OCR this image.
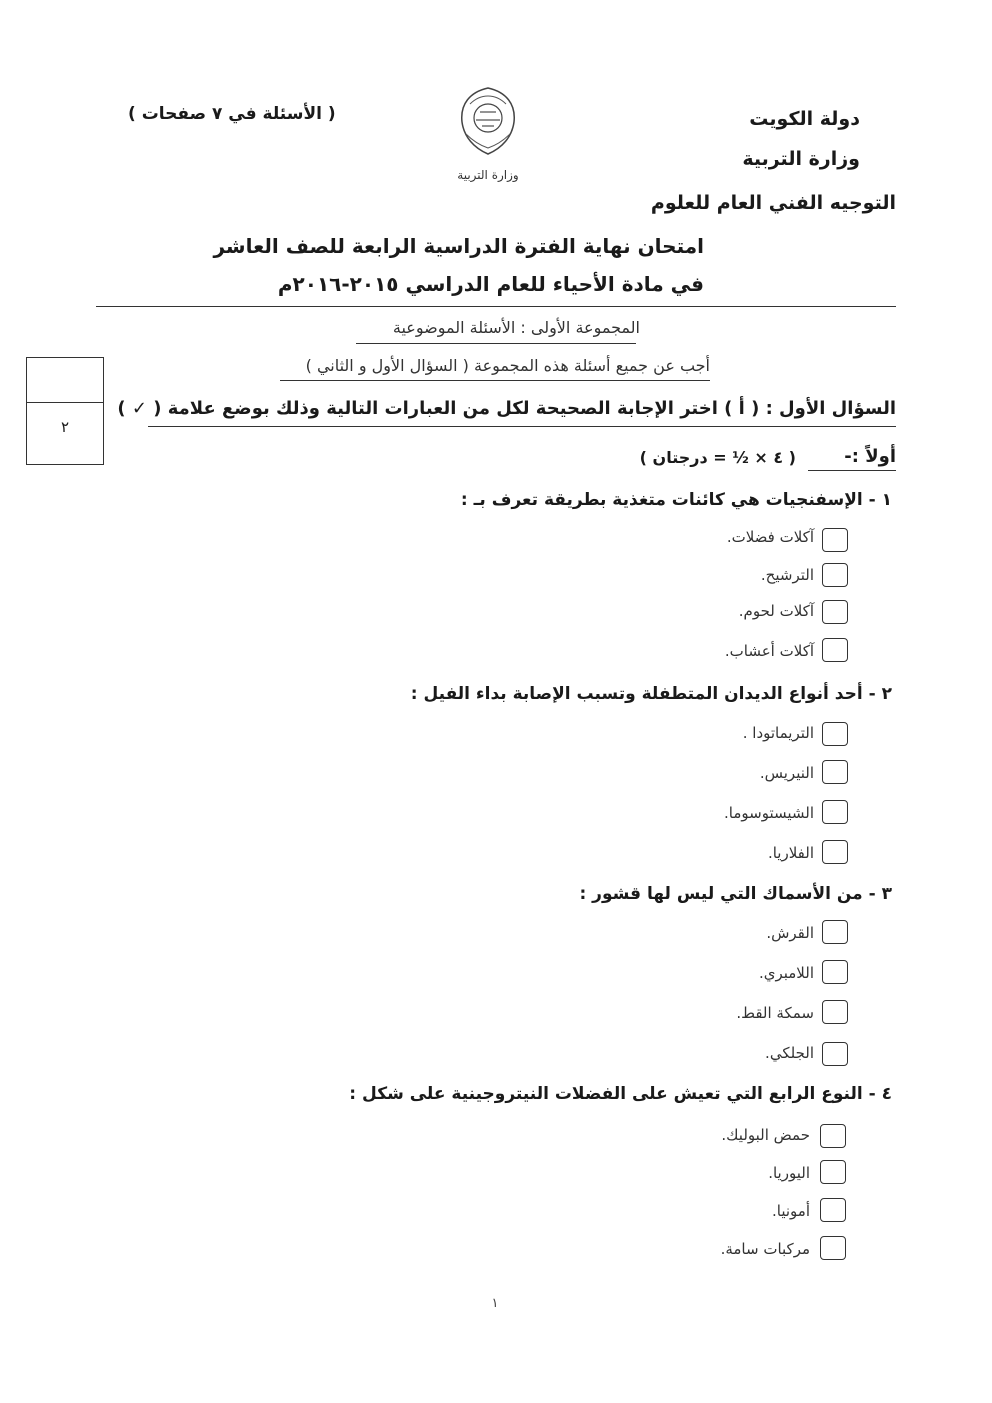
دولة الكويت
وزارة التربية
التوجيه الفني العام للعلوم
( الأسئلة في ٧ صفحات )
وزارة التربية
امتحان نهاية الفترة الدراسية الرابعة للصف العاشر
في مادة الأحياء للعام الدراسي ٢٠١٥-٢٠١٦م
المجموعة الأولى : الأسئلة الموضوعية
أجب عن جميع أسئلة هذه المجموعة ( السؤال الأول و الثاني )
٢
السؤال الأول : ( أ ) اختر الإجابة الصحيحة لكل من العبارات التالية وذلك بوضع علامة ( ✓ )
أولاً :-
( ٤ × ½ = درجتان )
١ - الإسفنجيات هي كائنات متغذية بطريقة تعرف بـ :
آكلات فضلات.
الترشيح.
آكلات لحوم.
آكلات أعشاب.
٢ - أحد أنواع الديدان المتطفلة وتسبب الإصابة بداء الفيل :
التريماتودا .
النيريس.
الشيستوسوما.
الفلاريا.
٣ - من الأسماك التي ليس لها قشور :
القرش.
اللامبري.
سمكة القط.
الجلكي.
٤ - النوع الرابع التي تعيش على الفضلات النيتروجينية على شكل :
حمض البوليك.
اليوريا.
أمونيا.
مركبات سامة.
١
